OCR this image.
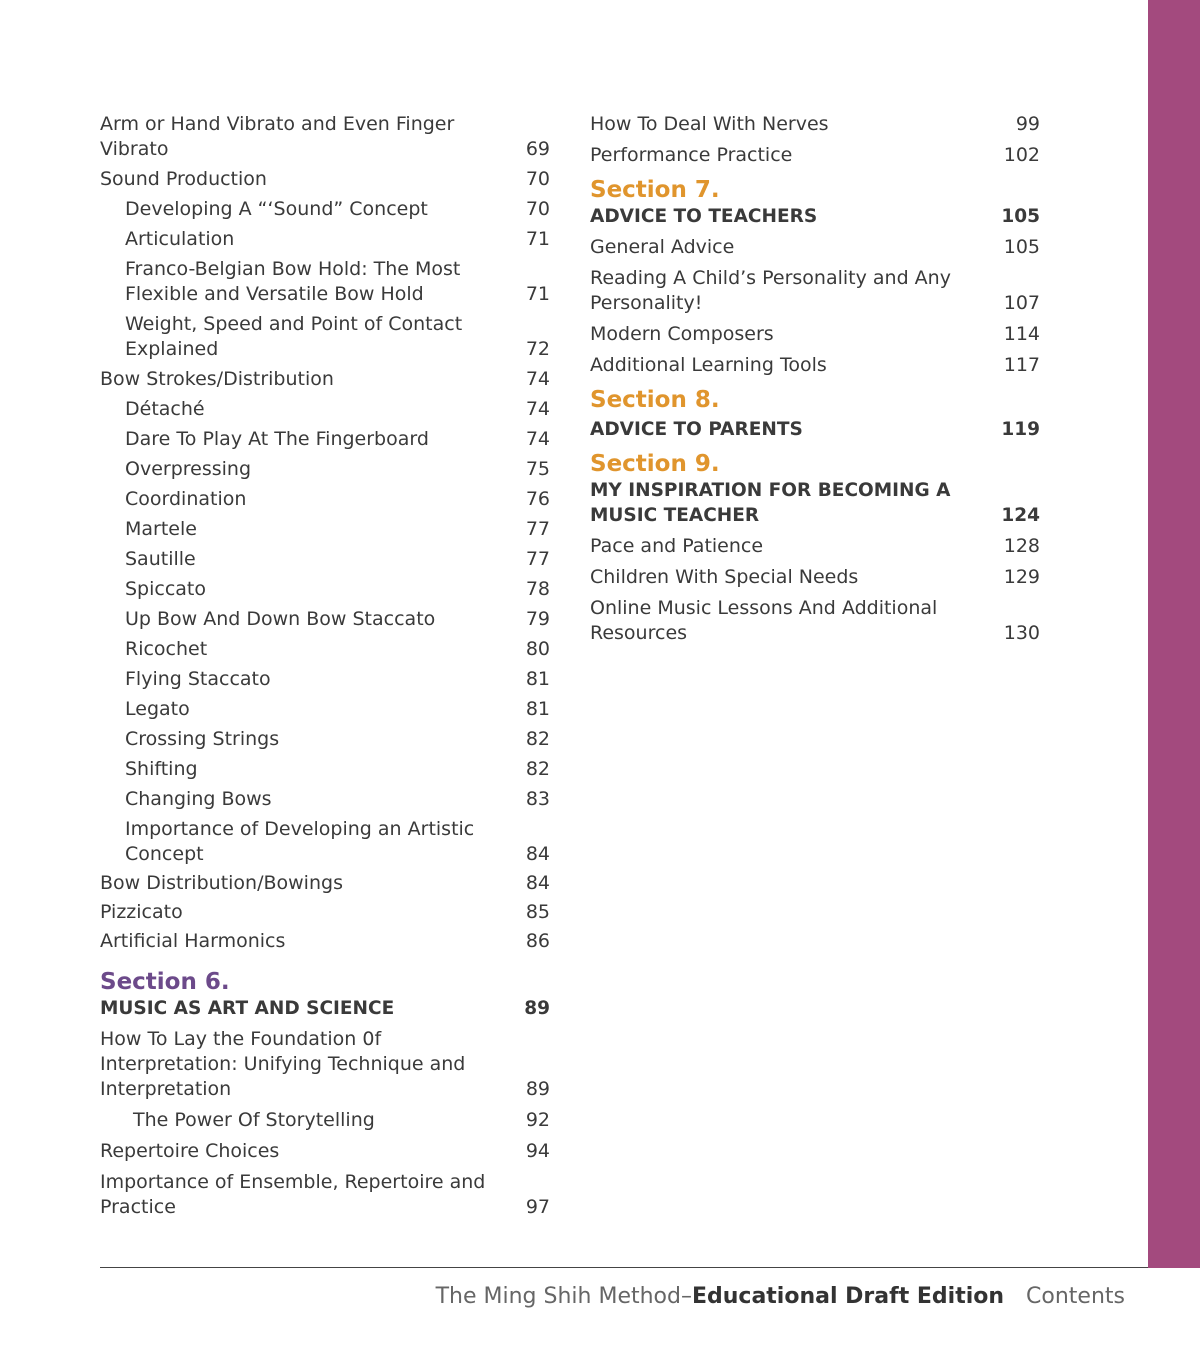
Arm or Hand Vibrato and Even Finger Vibrato	69
Sound Production	70
Developing A “‘Sound” Concept	70
Articulation	71
Franco-Belgian Bow Hold: The Most Flexible and Versatile Bow Hold	71
Weight, Speed and Point of Contact Explained	72
Bow Strokes/Distribution	74
Détaché	74
Dare To Play At The Fingerboard	74
Overpressing	75
Coordination	76
Martele	77
Sautille	77
Spiccato	78
Up Bow And Down Bow Staccato	79
Ricochet	80
Flying Staccato	81
Legato	81
Crossing Strings	82
Shifting	82
Changing Bows	83
Importance of Developing an Artistic Concept	84
Bow Distribution/Bowings	84
Pizzicato	85
Artificial Harmonics	86
Section 6.
MUSIC AS ART AND SCIENCE	89
How To Lay the Foundation 0f Interpretation: Unifying Technique and Interpretation	89
The Power Of Storytelling	92
Repertoire Choices	94
Importance of Ensemble, Repertoire and Practice	97
How To Deal With Nerves	99
Performance Practice	102
Section 7.
ADVICE TO TEACHERS	105
General Advice	105
Reading A Child’s Personality and Any Personality!	107
Modern Composers	114
Additional Learning Tools	117
Section 8.
ADVICE TO PARENTS	119
Section 9.
MY INSPIRATION FOR BECOMING A MUSIC TEACHER	124
Pace and Patience	128
Children With Special Needs	129
Online Music Lessons And Additional Resources	130
The Ming Shih Method–Educational Draft Edition Contents
